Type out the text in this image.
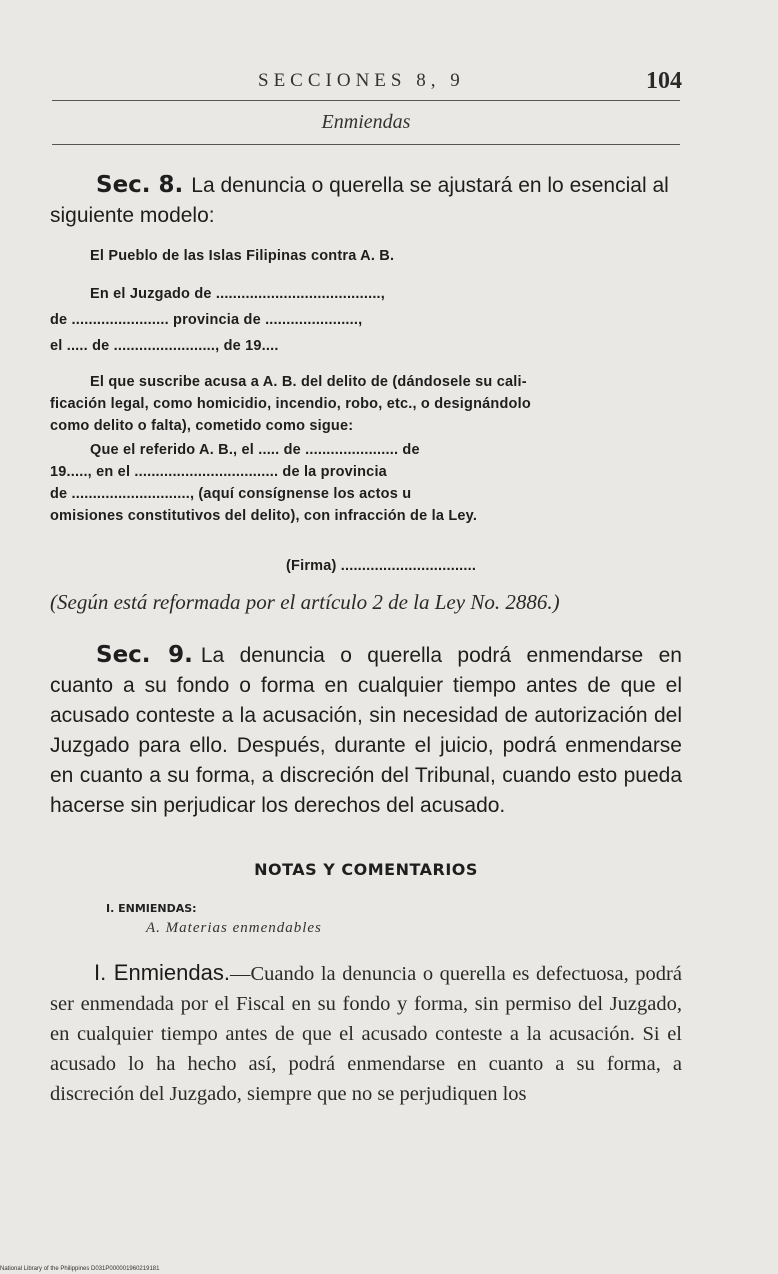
SECCIONES 8, 9	104
Enmiendas
Sec. 8. La denuncia o querella se ajustará en lo esencial al siguiente modelo:
El Pueblo de las Islas Filipinas contra A. B.
En el Juzgado de .......................................,
de ....................... provincia de ......................,
el ..... de ........................, de 19....
El que suscribe acusa a A. B. del delito de (dándosele su cali-
ficación legal, como homicidio, incendio, robo, etc., o designándolo
como delito o falta), cometido como sigue:
Que el referido A. B., el ..... de ...................... de
19....., en el .................................. de la provincia
de ............................, (aquí consígnense los actos u
omisiones constitutivos del delito), con infracción de la Ley.
(Firma) ................................
(Según está reformada por el artículo 2 de la Ley No. 2886.)
Sec. 9. La denuncia o querella podrá enmendarse en cuanto a su fondo o forma en cualquier tiempo antes de que el acusado conteste a la acusación, sin necesidad de autorización del Juzgado para ello. Después, durante el juicio, podrá enmendarse en cuanto a su forma, a discreción del Tribunal, cuando esto pueda hacerse sin perjudicar los derechos del acusado.
NOTAS Y COMENTARIOS
I. ENMIENDAS:
A. Materias enmendables
I. Enmiendas.—Cuando la denuncia o querella es defectuosa, podrá ser enmendada por el Fiscal en su fondo y forma, sin permiso del Juzgado, en cualquier tiempo antes de que el acusado conteste a la acusación. Si el acusado lo ha hecho así, podrá enmendarse en cuanto a su forma, a discreción del Juzgado, siempre que no se perjudiquen los
National Library of the Philippines D031P000001960219181
